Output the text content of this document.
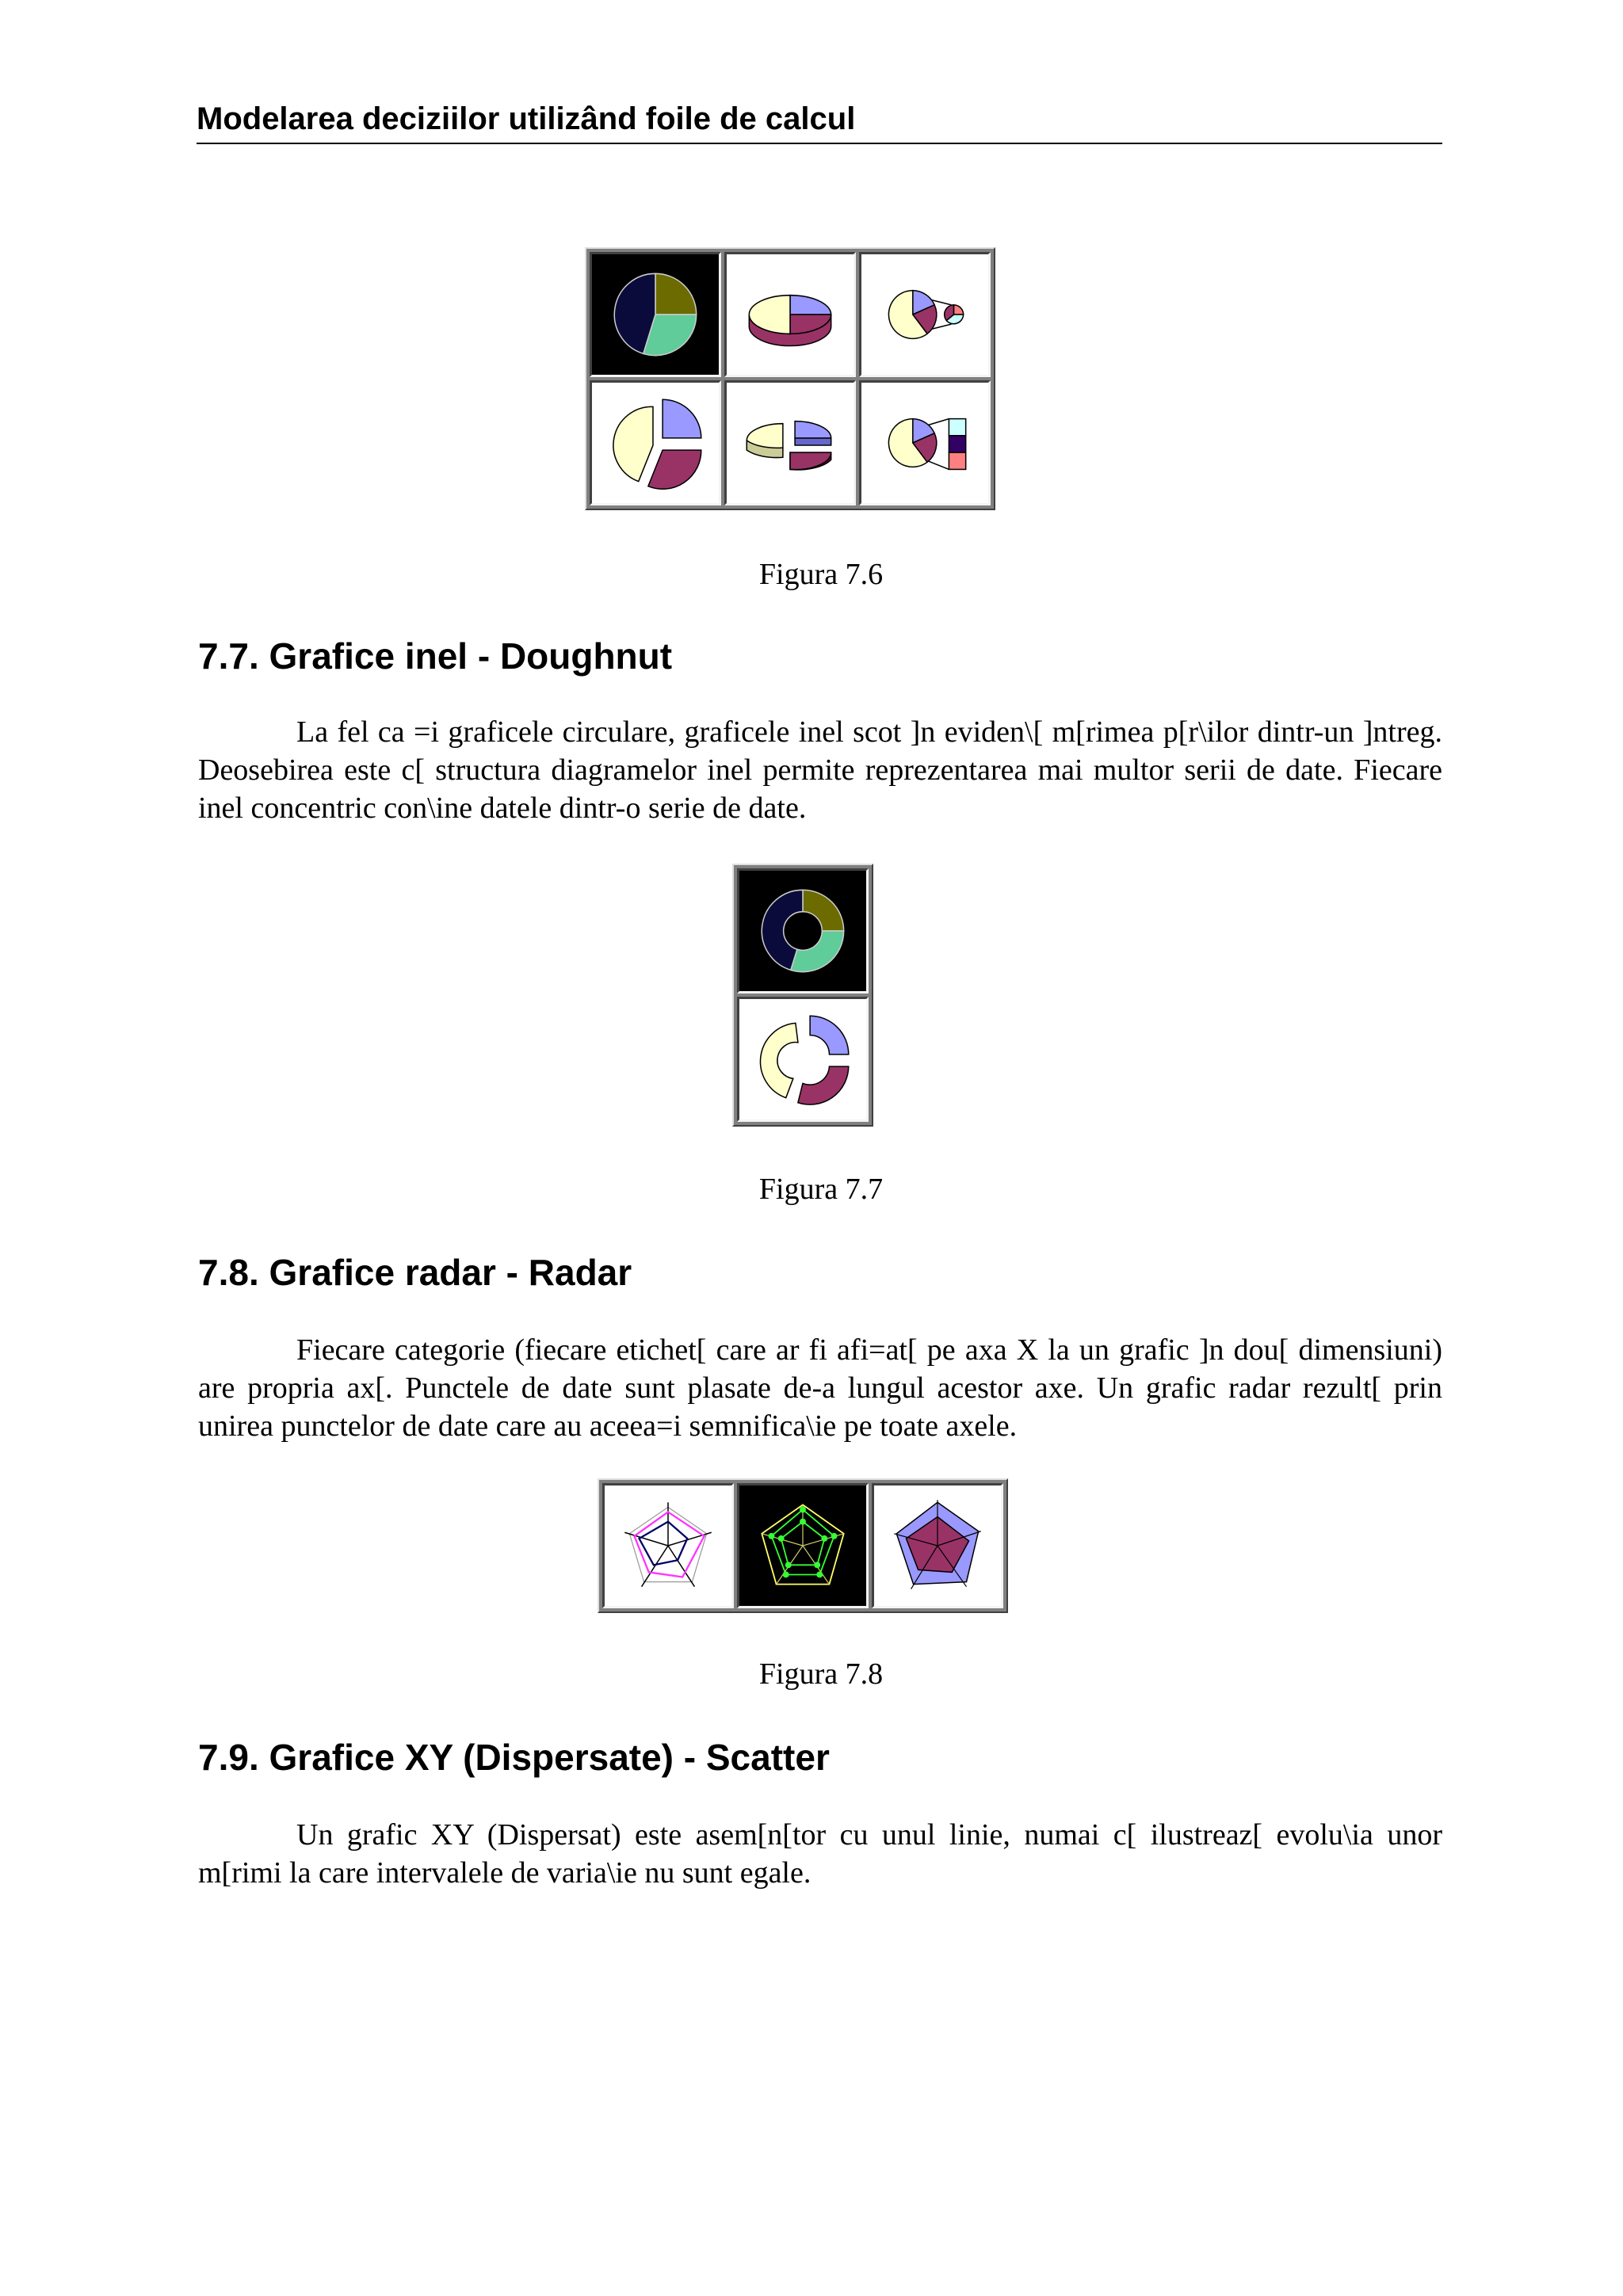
Modelarea deciziilor utilizând foile de calcul
Figura 7.6
7.7. Grafice inel - Doughnut

La fel ca =i graficele circulare, graficele inel scot ]n eviden\[ m[rimea p[r\ilor dintr-un ]ntreg. Deosebirea este c[ structura diagramelor inel permite reprezentarea mai multor serii de date. Fiecare inel concentric con\ine datele dintr-o serie de date.

Figura 7.7
7.8. Grafice radar - Radar

Fiecare categorie (fiecare etichet[ care ar fi afi=at[ pe axa X la un grafic ]n dou[ dimensiuni) are propria ax[. Punctele de date sunt plasate de-a lungul acestor axe. Un grafic radar rezult[ prin unirea punctelor de date care au aceea=i semnifica\ie pe toate axele.

Figura 7.8
7.9. Grafice XY (Dispersate) - Scatter

Un grafic XY (Dispersat) este asem[n[tor cu unul linie, numai c[ ilustreaz[ evolu\ia unor m[rimi la care intervalele de varia\ie nu sunt egale.
